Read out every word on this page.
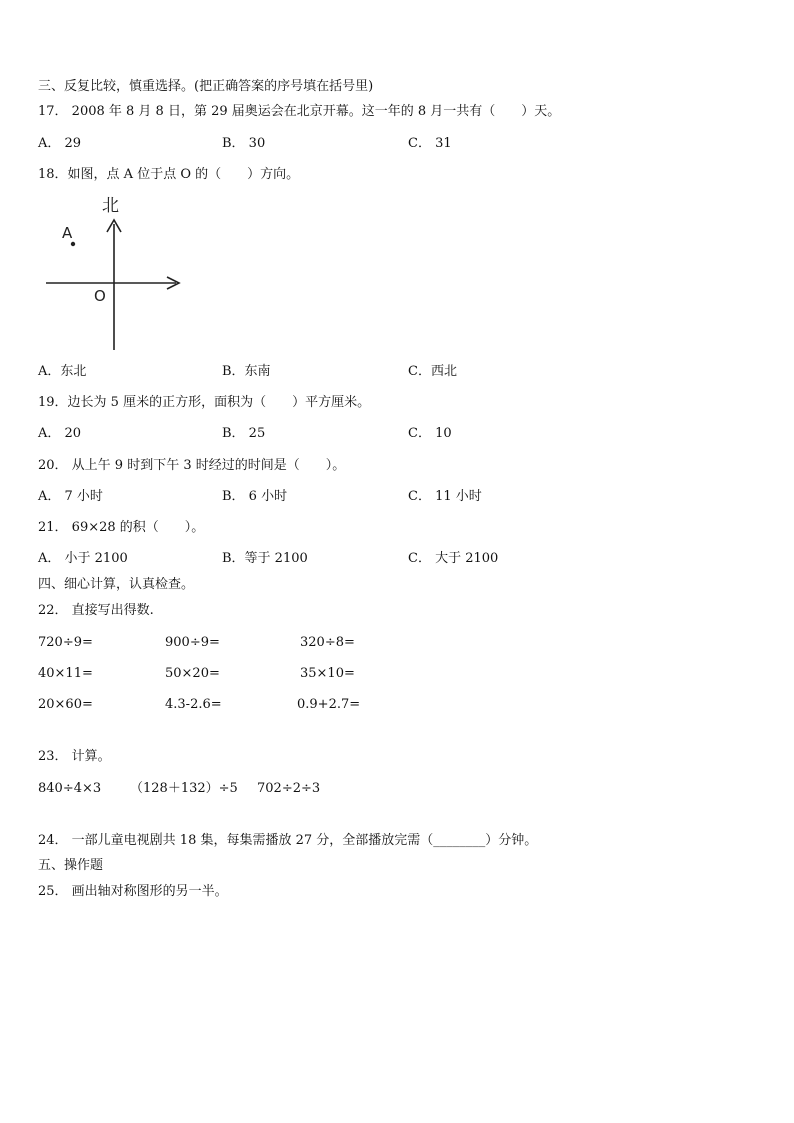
三、反复比较，慎重选择。(把正确答案的序号填在括号里)
17． 2008 年 8 月 8 日，第 29 届奥运会在北京开幕。这一年的 8 月一共有（　　）天。
A． 29	B． 30	C． 31
18．如图，点 A 位于点 O 的（　　）方向。
北
A
O
A．东北	B．东南	C．西北
19．边长为 5 厘米的正方形，面积为（　　）平方厘米。
A． 20	B． 25	C． 10
20． 从上午 9 时到下午 3 时经过的时间是（　　）。
A． 7 小时	B． 6 小时	C． 11 小时
21． 69×28 的积（　　）。
A． 小于 2100	B．等于 2100	C． 大于 2100
四、细心计算，认真检查。
22． 直接写出得数.
720÷9=	900÷9=	320÷8=
40×11=	50×20=	35×10=
20×60=	4.3-2.6=	0.9+2.7=
23． 计算。
840÷4×3 （128＋132）÷5 702÷2÷3
24． 一部儿童电视剧共 18 集，每集需播放 27 分，全部播放完需（________）分钟。
五、操作题
25． 画出轴对称图形的另一半。
